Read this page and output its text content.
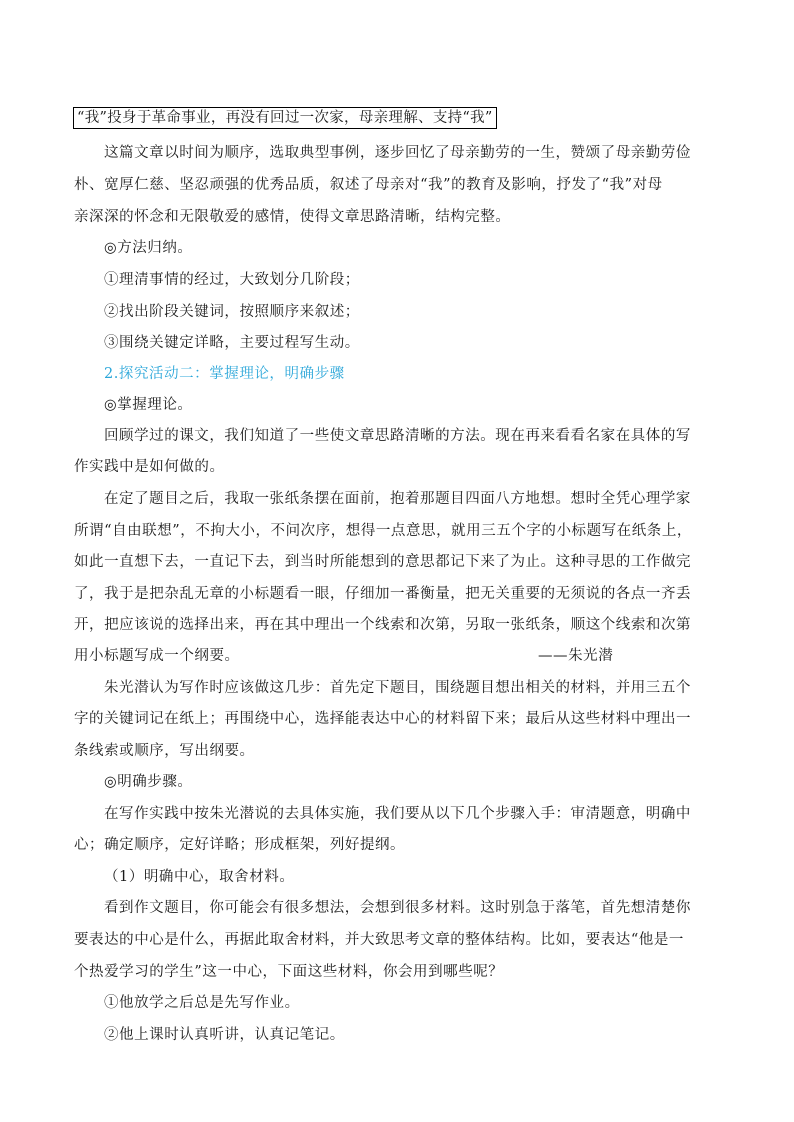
“我”投身于革命事业，再没有回过一次家，母亲理解、支持“我”
这篇文章以时间为顺序，选取典型事例，逐步回忆了母亲勤劳的一生，赞颂了母亲勤劳俭
朴、宽厚仁慈、坚忍顽强的优秀品质，叙述了母亲对“我”的教育及影响，抒发了“我”对母
亲深深的怀念和无限敬爱的感情，使得文章思路清晰，结构完整。
◎方法归纳。
①理清事情的经过，大致划分几阶段；
②找出阶段关键词，按照顺序来叙述；
③围绕关键定详略，主要过程写生动。
2.探究活动二：掌握理论，明确步骤
◎掌握理论。
回顾学过的课文，我们知道了一些使文章思路清晰的方法。现在再来看看名家在具体的写
作实践中是如何做的。
在定了题目之后，我取一张纸条摆在面前，抱着那题目四面八方地想。想时全凭心理学家
所谓“自由联想”，不拘大小，不问次序，想得一点意思，就用三五个字的小标题写在纸条上，
如此一直想下去，一直记下去，到当时所能想到的意思都记下来了为止。这种寻思的工作做完
了，我于是把杂乱无章的小标题看一眼，仔细加一番衡量，把无关重要的无须说的各点一齐丢
开，把应该说的选择出来，再在其中理出一个线索和次第，另取一张纸条，顺这个线索和次第
用小标题写成一个纲要。	——朱光潜
朱光潜认为写作时应该做这几步：首先定下题目，围绕题目想出相关的材料，并用三五个
字的关键词记在纸上；再围绕中心，选择能表达中心的材料留下来；最后从这些材料中理出一
条线索或顺序，写出纲要。
◎明确步骤。
在写作实践中按朱光潜说的去具体实施，我们要从以下几个步骤入手：审清题意，明确中
心；确定顺序，定好详略；形成框架，列好提纲。
（1）明确中心，取舍材料。
看到作文题目，你可能会有很多想法，会想到很多材料。这时别急于落笔，首先想清楚你
要表达的中心是什么，再据此取舍材料，并大致思考文章的整体结构。比如，要表达“他是一
个热爱学习的学生”这一中心，下面这些材料，你会用到哪些呢？
①他放学之后总是先写作业。
②他上课时认真听讲，认真记笔记。
